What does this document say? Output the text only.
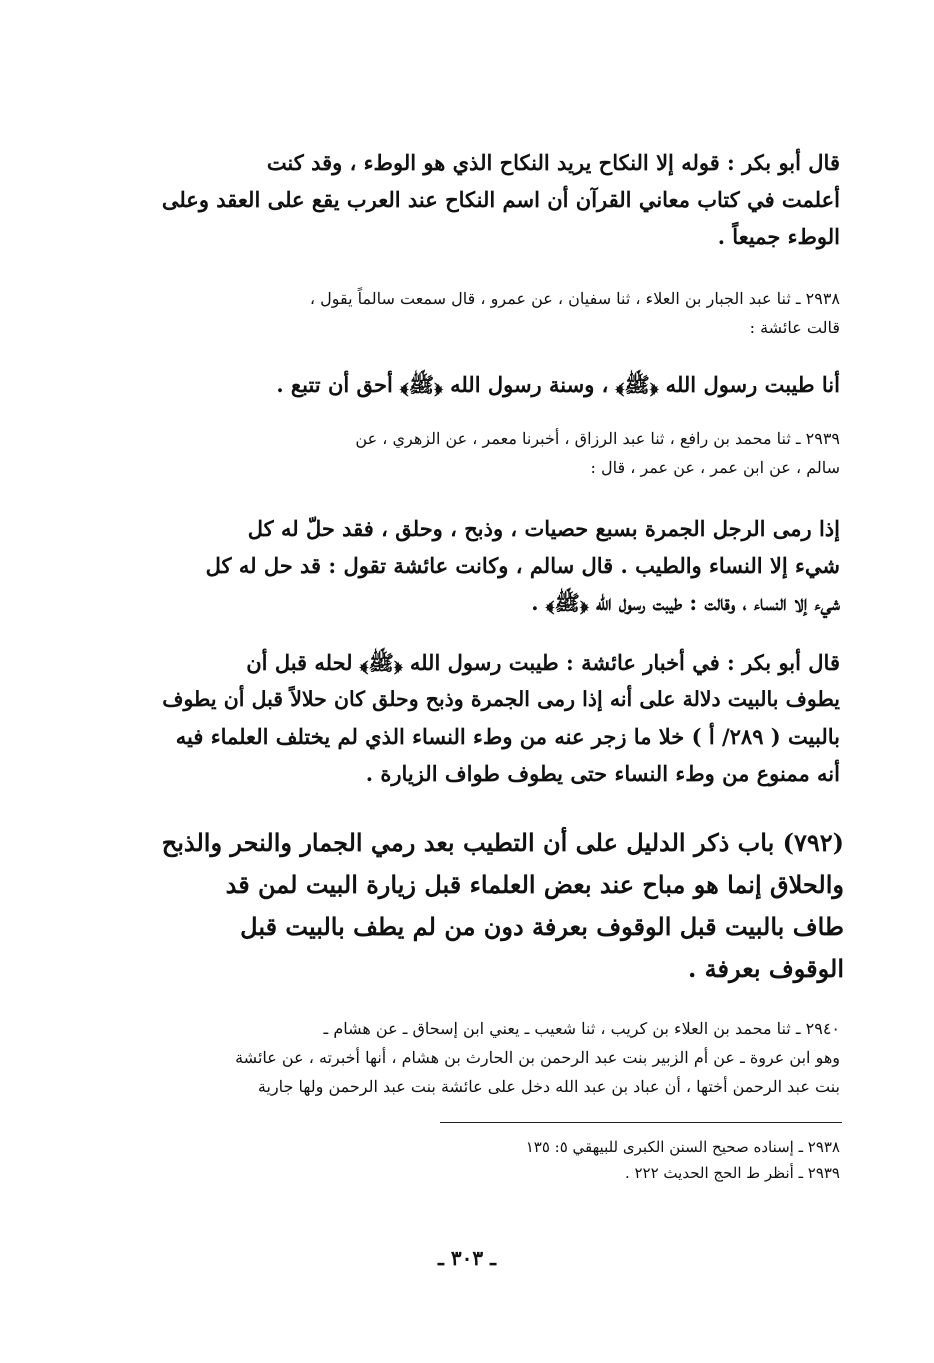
قال أبو بكر : قوله إلا النكاح يريد النكاح الذي هو الوطء ، وقد كنت
أعلمت في كتاب معاني القرآن أن اسم النكاح عند العرب يقع على العقد وعلى
الوطء جميعاً .
۲۹۳۸ ـ ثنا عبد الجبار بن العلاء ، ثنا سفيان ، عن عمرو ، قال سمعت سالماً يقول ،
قالت عائشة :
أنا طيبت رسول الله ﴿ﷺ﴾ ، وسنة رسول الله ﴿ﷺ﴾ أحق أن تتبع .
۲۹۳۹ ـ ثنا محمد بن رافع ، ثنا عبد الرزاق ، أخبرنا معمر ، عن الزهري ، عن
سالم ، عن ابن عمر ، عن عمر ، قال :
إذا رمى الرجل الجمرة بسبع حصيات ، وذبح ، وحلق ، فقد حلّ له كل
شيء إلا النساء والطيب . قال سالم ، وكانت عائشة تقول : قد حل له كل
شيء إلا النساء ، وقالت : طيبت رسول الله ﴿ﷺ﴾ .
قال أبو بكر : في أخبار عائشة : طيبت رسول الله ﴿ﷺ﴾ لحله قبل أن
يطوف بالبيت دلالة على أنه إذا رمى الجمرة وذبح وحلق كان حلالاً قبل أن يطوف
بالبيت ( ۲۸۹/ أ ) خلا ما زجر عنه من وطء النساء الذي لم يختلف العلماء فيه
أنه ممنوع من وطء النساء حتى يطوف طواف الزيارة .
(۷۹۲) باب ذكر الدليل على أن التطيب بعد رمي الجمار والنحر والذبح
والحلاق إنما هو مباح عند بعض العلماء قبل زيارة البيت لمن قد
طاف بالبيت قبل الوقوف بعرفة دون من لم يطف بالبيت قبل
الوقوف بعرفة .
۲۹٤۰ ـ ثنا محمد بن العلاء بن كريب ، ثنا شعيب ـ يعني ابن إسحاق ـ عن هشام ـ
وهو ابن عروة ـ عن أم الزبير بنت عبد الرحمن بن الحارث بن هشام ، أنها أخبرته ، عن عائشة
بنت عبد الرحمن أختها ، أن عباد بن عبد الله دخل على عائشة بنت عبد الرحمن ولها جارية
۲۹۳۸ ـ إسناده صحيح السنن الكبرى للبيهقي ٥: ١٣٥
۲۹۳۹ ـ أنظر ط الحج الحديث ۲۲۲ .
ـ ۳۰۳ ـ
